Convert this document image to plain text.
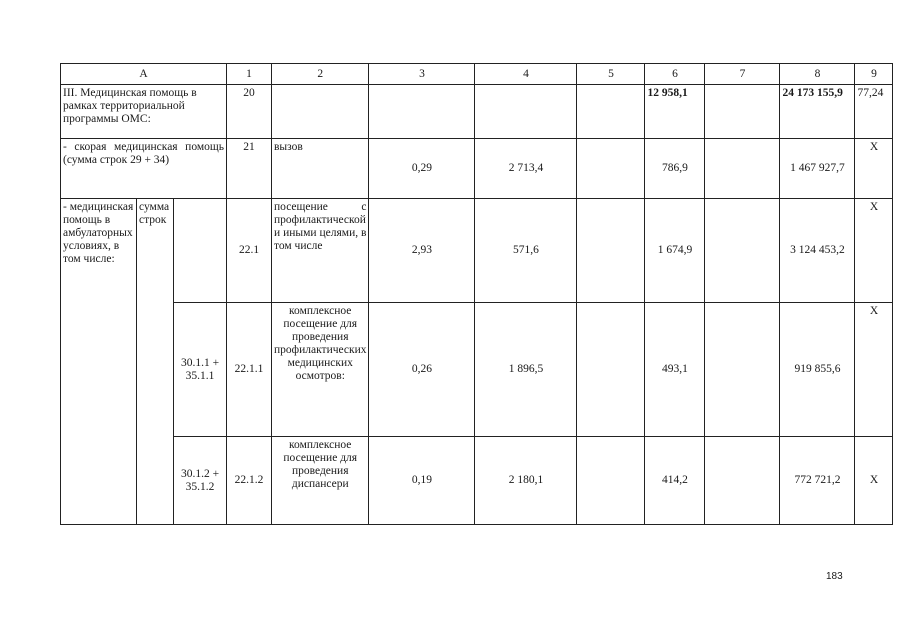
А			1	2	3	4	5	6	7	8	9
III. Медицинская помощь в рамках территориальной программы ОМС:			20					12 958,1		24 173 155,9	77,24
- скорая медицинская помощь (сумма строк 29 + 34)			21	вызов	0,29	2 713,4		786,9		1 467 927,7	Х
- медицинская помощь в амбулаторных условиях, в том числе:	сумма строк		22.1	посещение с профилактической и иными целями, в том числе	2,93	571,6		1 674,9		3 124 453,2	Х
		30.1.1 + 35.1.1	22.1.1	комплексное посещение для проведения профилактических медицинских осмотров:	0,26	1 896,5		493,1		919 855,6	Х
		30.1.2 + 35.1.2	22.1.2	комплексное посещение для проведения диспансери	0,19	2 180,1		414,2		772 721,2	Х
183
